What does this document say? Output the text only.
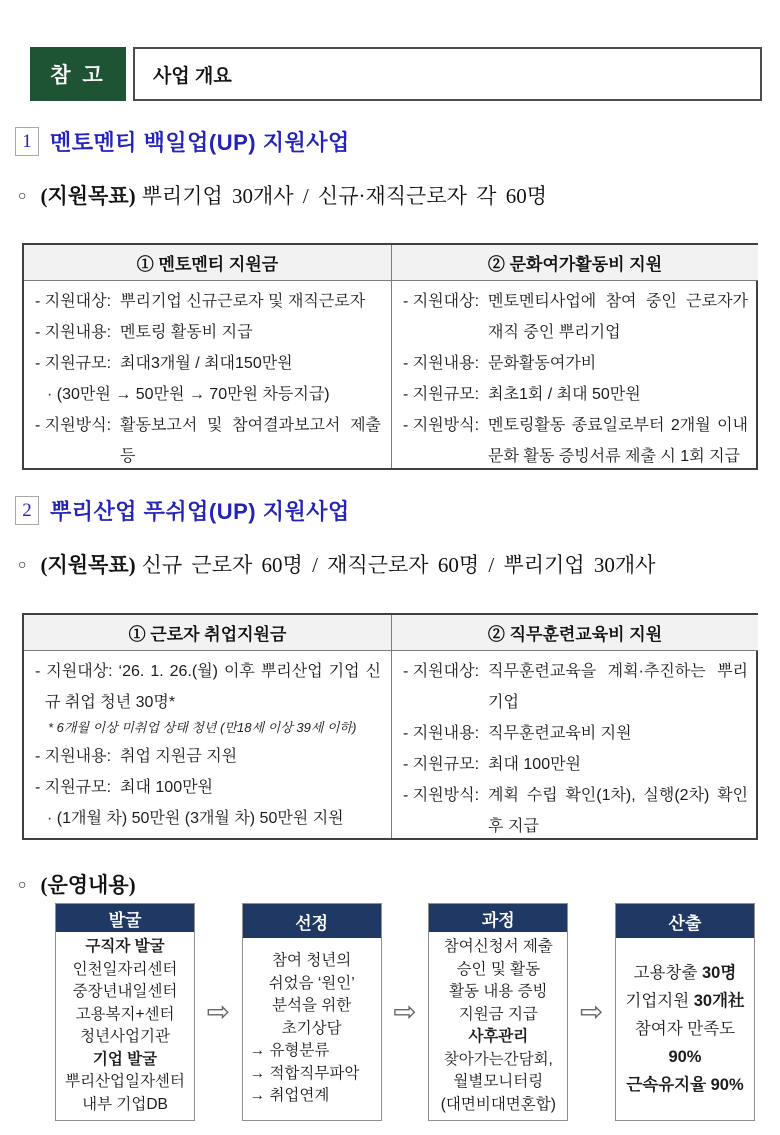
참 고	사업 개요
1 멘토멘티 백일업(UP) 지원사업
○ (지원목표) 뿌리기업 30개사 / 신규·재직근로자 각 60명
① 멘토멘티 지원금	② 문화여가활동비 지원
- 지원대상: 뿌리기업 신규근로자 및 재직근로자
- 지원내용: 멘토링 활동비 지급
- 지원규모: 최대3개월 / 최대150만원
· (30만원 → 50만원 → 70만원 차등지급)
- 지원방식: 활동보고서 및 참여결과보고서 제출 등
- 지원대상: 멘토멘티사업에 참여 중인 근로자가 재직 중인 뿌리기업
- 지원내용: 문화활동여가비
- 지원규모: 최초1회 / 최대 50만원
- 지원방식: 멘토링활동 종료일로부터 2개월 이내 문화 활동 증빙서류 제출 시 1회 지급
2 뿌리산업 푸쉬업(UP) 지원사업
○ (지원목표) 신규 근로자 60명 / 재직근로자 60명 / 뿌리기업 30개사
① 근로자 취업지원금	② 직무훈련교육비 지원
- 지원대상: ‘26. 1. 26.(월) 이후 뿌리산업 기업 신규 취업 청년 30명*
* 6개월 이상 미취업 상태 청년 (만18세 이상 39세 이하)
- 지원내용: 취업 지원금 지원
- 지원규모: 최대 100만원
· (1개월 차) 50만원 (3개월 차) 50만원 지원
- 지원대상: 직무훈련교육을 계획·추진하는 뿌리 기업
- 지원내용: 직무훈련교육비 지원
- 지원규모: 최대 100만원
- 지원방식: 계획 수립 확인(1차), 실행(2차) 확인 후 지급
○ (운영내용)
발굴
구직자 발굴
인천일자리센터
중장년내일센터
고용복지+센터
청년사업기관
기업 발굴
뿌리산업일자센터
내부 기업DB
⇨
선정
참여 청년의
쉬었음 ‘원인’
분석을 위한
초기상담
→ 유형분류
→ 적합직무파악
→ 취업연계
⇨
과정
참여신청서 제출
승인 및 활동
활동 내용 증빙
지원금 지급
사후관리
찾아가는간담회,
월별모니터링
(대면비대면혼합)
⇨
산출
고용창출 30명
기업지원 30개社
참여자 만족도 90%
근속유지율 90%
